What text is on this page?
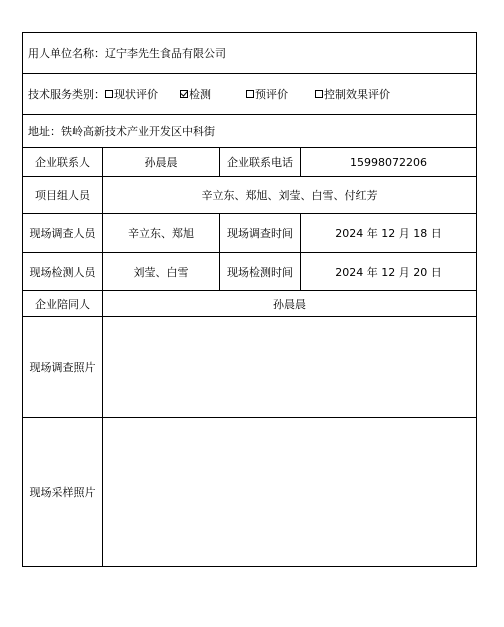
用人单位名称： 辽宁李先生食品有限公司
技术服务类别： 现状评价	检测	预评价	控制效果评价
地址： 铁岭高新技术产业开发区中科街
企业联系人	孙晨晨	企业联系电话	15998072206
项目组人员	辛立东、郑旭、刘莹、白雪、付红芳
现场调查人员	辛立东、郑旭	现场调查时间	2024 年 12 月 18 日
现场检测人员	刘莹、白雪	现场检测时间	2024 年 12 月 20 日
企业陪同人	孙晨晨
现场调查照片
现场采样照片
